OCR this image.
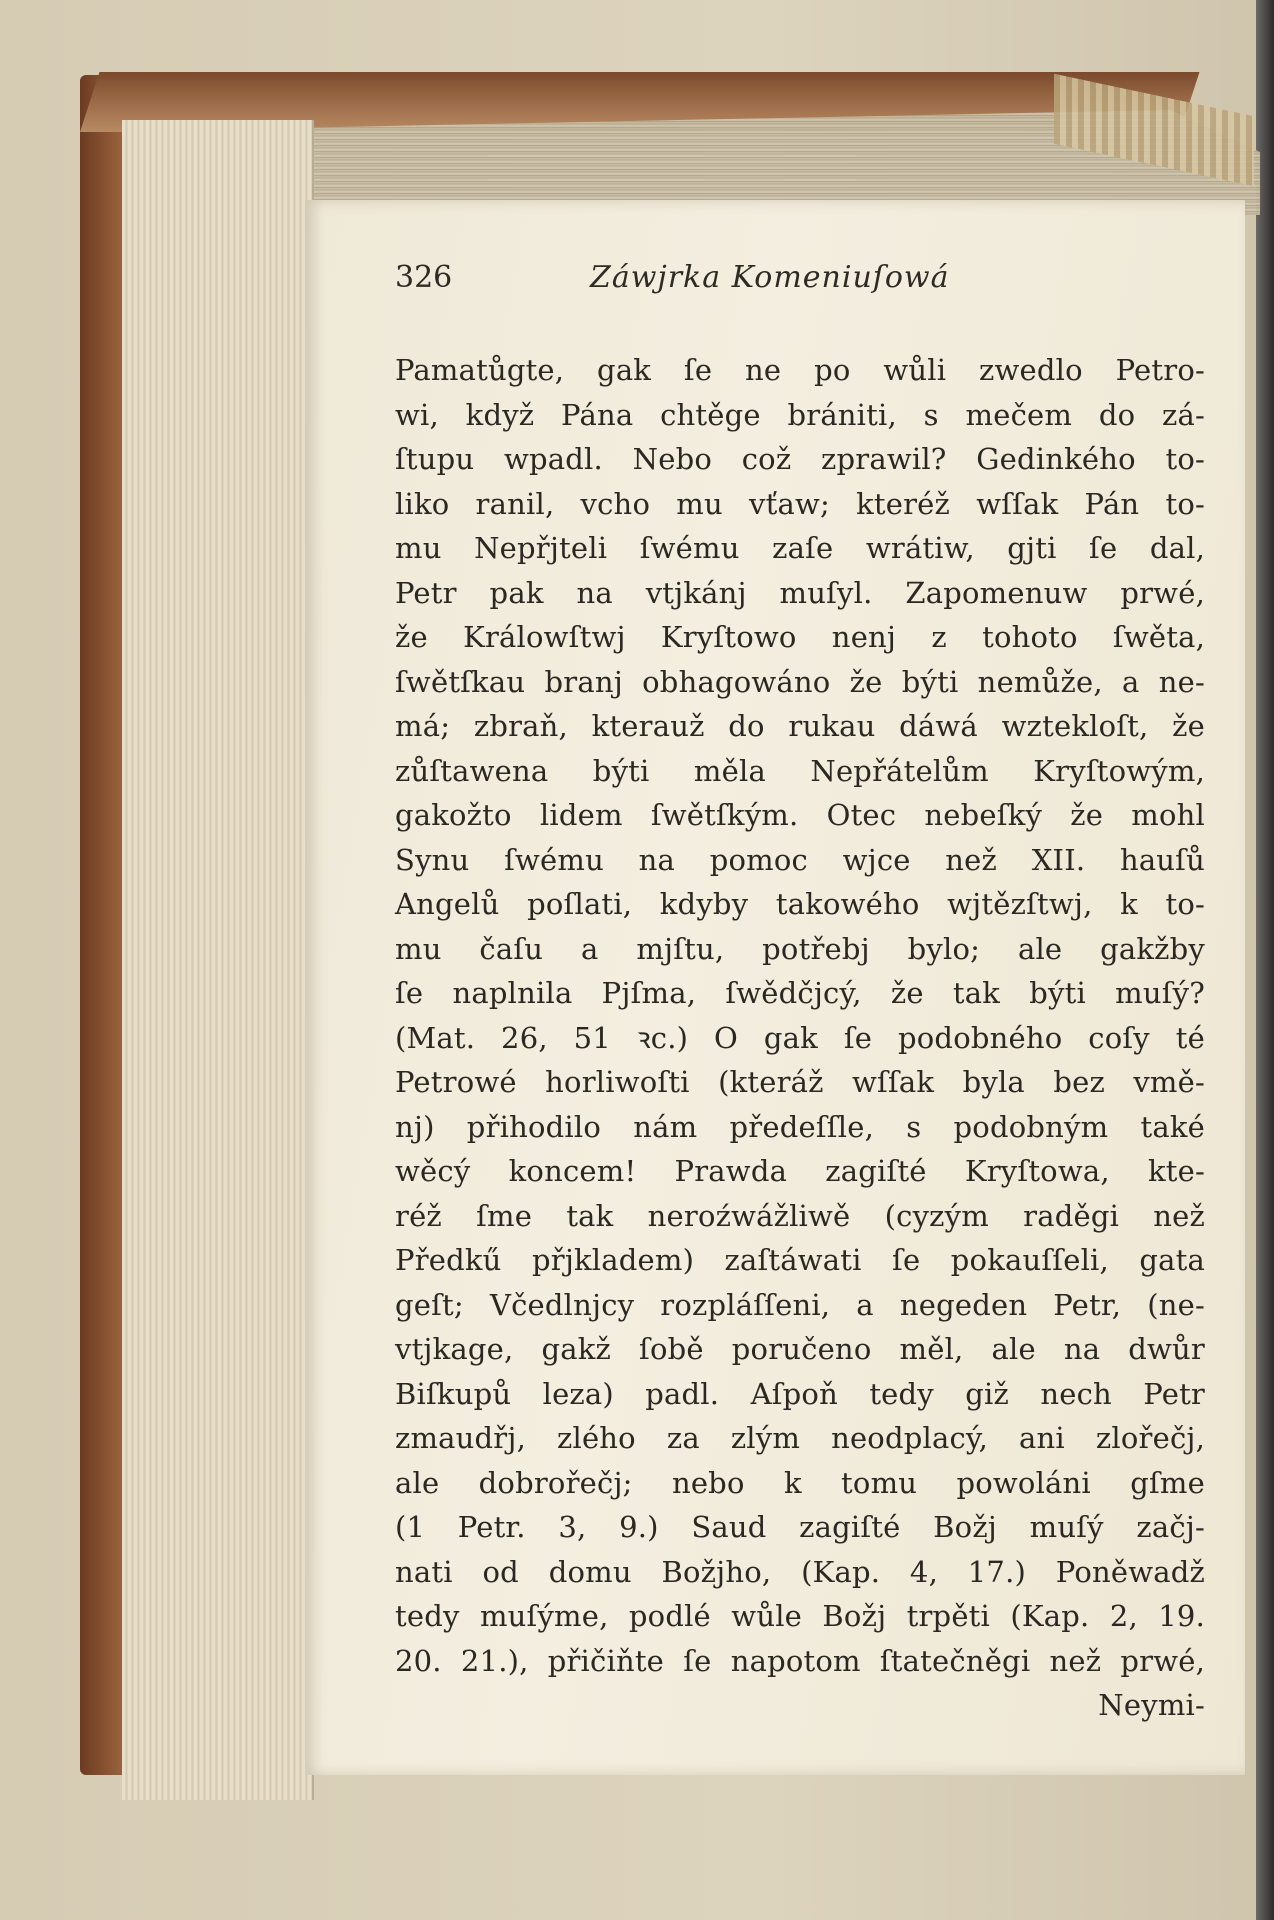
326	Záwjrka Komeniuſowá
Pamatůgte, gak ſe ne po wůli zwedlo Petro-
wi, když Pána chtěge brániti, s mečem do zá-
ſtupu wpadl. Nebo což zprawil? Gedinkého to-
liko ranil, vcho mu vťaw; kteréž wſſak Pán to-
mu Nepřjteli ſwému zaſe wrátiw, gjti ſe dal,
Petr pak na vtjkánj muſyl. Zapomenuw prwé,
že Králowſtwj Kryſtowo nenj z tohoto ſwěta,
ſwětſkau branj obhagowáno že býti nemůže, a ne-
má; zbraň, kterauž do rukau dáwá wztekloſt, že
zůſtawena býti měla Nepřátelům Kryſtowým,
gakožto lidem ſwětſkým. Otec nebeſký že mohl
Synu ſwému na pomoc wjce než XII. hauſů
Angelů poſlati, kdyby takowého wjtězſtwj, k to-
mu čaſu a mjſtu, potřebj bylo; ale gakžby
ſe naplnila Pjſma, ſwědčjcý, že tak býti muſý?
(Mat. 26, 51 ꝛc.) O gak ſe podobného coſy té
Petrowé horliwoſti (kteráž wſſak byla bez vmě-
nj) přihodilo nám předeſſle, s podobným také
wěcý koncem! Prawda zagiſté Kryſtowa, kte-
réž ſme tak neroźwážliwě (cyzým raděgi než
Předkű přjkladem) zaſtáwati ſe pokauſſeli, gata
geſt; Včedlnjcy rozpláſſeni, a negeden Petr, (ne-
vtjkage, gakž ſobě poručeno měl, ale na dwůr
Biſkupů leza) padl. Aſpoň tedy giž nech Petr
zmaudřj, zlého za zlým neodplacý, ani zlořečj,
ale dobrořečj; nebo k tomu powoláni gſme
(1 Petr. 3, 9.) Saud zagiſté Božj muſý začj-
nati od domu Božjho, (Kap. 4, 17.) Poněwadž
tedy muſýme, podlé wůle Božj trpěti (Kap. 2, 19.
20. 21.), přičiňte ſe napotom ſtatečněgi než prwé,
Neymi-
